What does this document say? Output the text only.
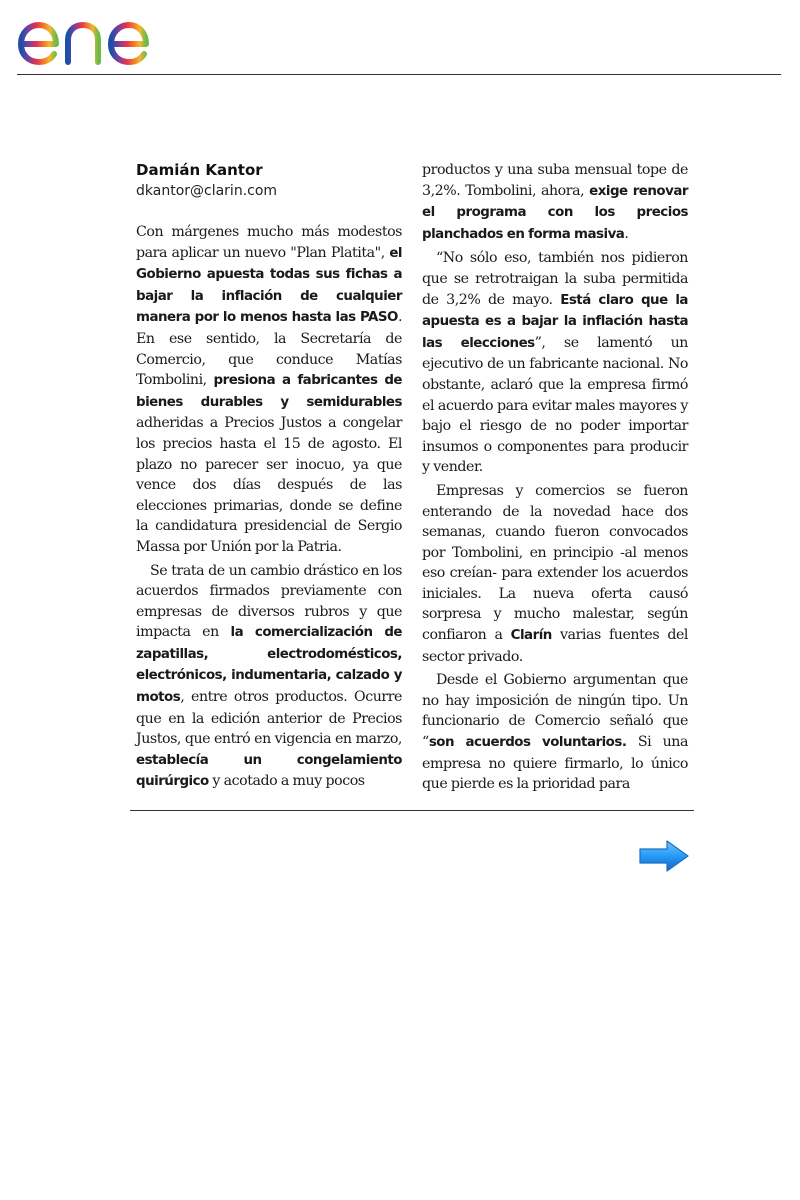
Damián Kantor
dkantor@clarin.com

Con márgenes mucho más modestos para aplicar un nuevo "Plan Platita", el Gobierno apuesta todas sus fichas a bajar la inflación de cualquier manera por lo menos hasta las PASO. En ese sentido, la Secretaría de Comercio, que conduce Matías Tombolini, presiona a fabricantes de bienes durables y semidurables adheridas a Precios Justos a congelar los precios hasta el 15 de agosto. El plazo no parecer ser inocuo, ya que vence dos días después de las elecciones primarias, donde se define la candidatura presidencial de Sergio Massa por Unión por la Patria.

Se trata de un cambio drástico en los acuerdos firmados previamente con empresas de diversos rubros y que impacta en la comercialización de zapatillas, electrodomésticos, electrónicos, indumentaria, calzado y motos, entre otros productos. Ocurre que en la edición anterior de Precios Justos, que entró en vigencia en marzo, establecía un congelamiento quirúrgico y acotado a muy pocos

productos y una suba mensual tope de 3,2%. Tombolini, ahora, exige renovar el programa con los precios planchados en forma masiva.

“No sólo eso, también nos pidieron que se retrotraigan la suba permitida de 3,2% de mayo. Está claro que la apuesta es a bajar la inflación hasta las elecciones”, se lamentó un ejecutivo de un fabricante nacional. No obstante, aclaró que la empresa firmó el acuerdo para evitar males mayores y bajo el riesgo de no poder importar insumos o componentes para producir y vender.

Empresas y comercios se fueron enterando de la novedad hace dos semanas, cuando fueron convocados por Tombolini, en principio -al menos eso creían- para extender los acuerdos iniciales. La nueva oferta causó sorpresa y mucho malestar, según confiaron a Clarín varias fuentes del sector privado.

Desde el Gobierno argumentan que no hay imposición de ningún tipo. Un funcionario de Comercio señaló que “son acuerdos voluntarios. Si una empresa no quiere firmarlo, lo único que pierde es la prioridad para
